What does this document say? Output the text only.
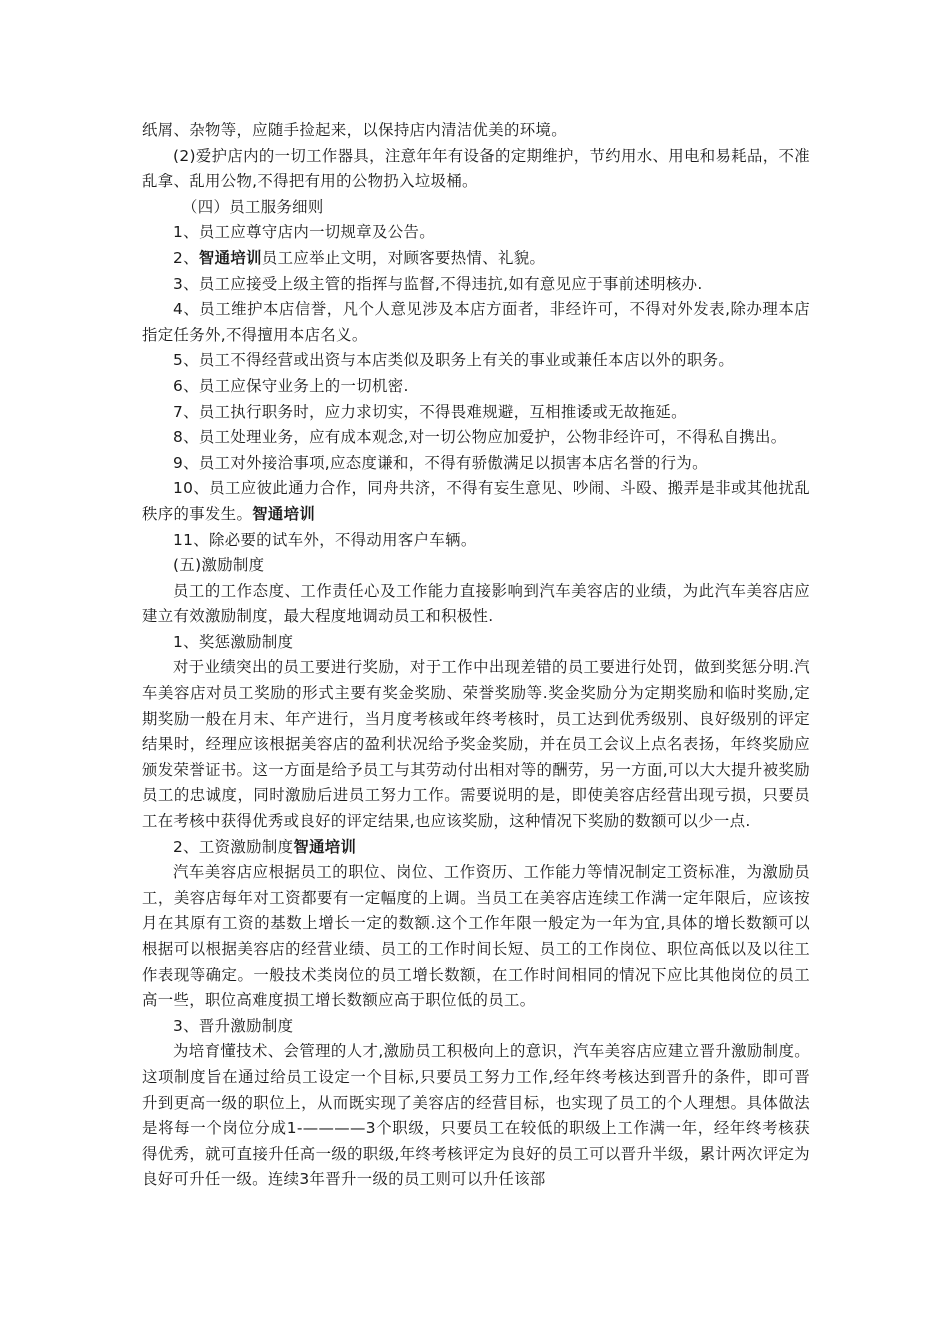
纸屑、杂物等，应随手捡起来，以保持店内清洁优美的环境。

(2)爱护店内的一切工作器具，注意年年有设备的定期维护，节约用水、用电和易耗品，不准乱拿、乱用公物,不得把有用的公物扔入垃圾桶。

（四）员工服务细则

1、员工应尊守店内一切规章及公告。

2、智通培训员工应举止文明，对顾客要热情、礼貌。

3、员工应接受上级主管的指挥与监督,不得违抗,如有意见应于事前述明核办.

4、员工维护本店信誉，凡个人意见涉及本店方面者，非经许可，不得对外发表,除办理本店指定任务外,不得擅用本店名义。

5、员工不得经营或出资与本店类似及职务上有关的事业或兼任本店以外的职务。

6、员工应保守业务上的一切机密.

7、员工执行职务时，应力求切实，不得畏难规避，互相推诿或无故拖延。

8、员工处理业务，应有成本观念,对一切公物应加爱护，公物非经许可，不得私自携出。

9、员工对外接洽事项,应态度谦和，不得有骄傲满足以损害本店名誉的行为。

10、员工应彼此通力合作，同舟共济，不得有妄生意见、吵闹、斗殴、搬弄是非或其他扰乱秩序的事发生。智通培训

11、除必要的试车外，不得动用客户车辆。

(五)激励制度

员工的工作态度、工作责任心及工作能力直接影响到汽车美容店的业绩，为此汽车美容店应建立有效激励制度，最大程度地调动员工和积极性.

1、奖惩激励制度

对于业绩突出的员工要进行奖励，对于工作中出现差错的员工要进行处罚，做到奖惩分明.汽车美容店对员工奖励的形式主要有奖金奖励、荣誉奖励等.奖金奖励分为定期奖励和临时奖励,定期奖励一般在月末、年产进行，当月度考核或年终考核时，员工达到优秀级别、良好级别的评定结果时，经理应该根据美容店的盈利状况给予奖金奖励，并在员工会议上点名表扬，年终奖励应颁发荣誉证书。这一方面是给予员工与其劳动付出相对等的酬劳，另一方面,可以大大提升被奖励员工的忠诚度，同时激励后进员工努力工作。需要说明的是，即使美容店经营出现亏损，只要员工在考核中获得优秀或良好的评定结果,也应该奖励，这种情况下奖励的数额可以少一点.

2、工资激励制度智通培训

汽车美容店应根据员工的职位、岗位、工作资历、工作能力等情况制定工资标准，为激励员工，美容店每年对工资都要有一定幅度的上调。当员工在美容店连续工作满一定年限后，应该按月在其原有工资的基数上增长一定的数额.这个工作年限一般定为一年为宜,具体的增长数额可以根据可以根据美容店的经营业绩、员工的工作时间长短、员工的工作岗位、职位高低以及以往工作表现等确定。一般技术类岗位的员工增长数额，在工作时间相同的情况下应比其他岗位的员工高一些，职位高难度损工增长数额应高于职位低的员工。

3、晋升激励制度

为培育懂技术、会管理的人才,激励员工积极向上的意识，汽车美容店应建立晋升激励制度。这项制度旨在通过给员工设定一个目标,只要员工努力工作,经年终考核达到晋升的条件，即可晋升到更高一级的职位上，从而既实现了美容店的经营目标，也实现了员工的个人理想。具体做法是将每一个岗位分成1-————3个职级，只要员工在较低的职级上工作满一年，经年终考核获得优秀，就可直接升任高一级的职级,年终考核评定为良好的员工可以晋升半级，累计两次评定为良好可升任一级。连续3年晋升一级的员工则可以升任该部
